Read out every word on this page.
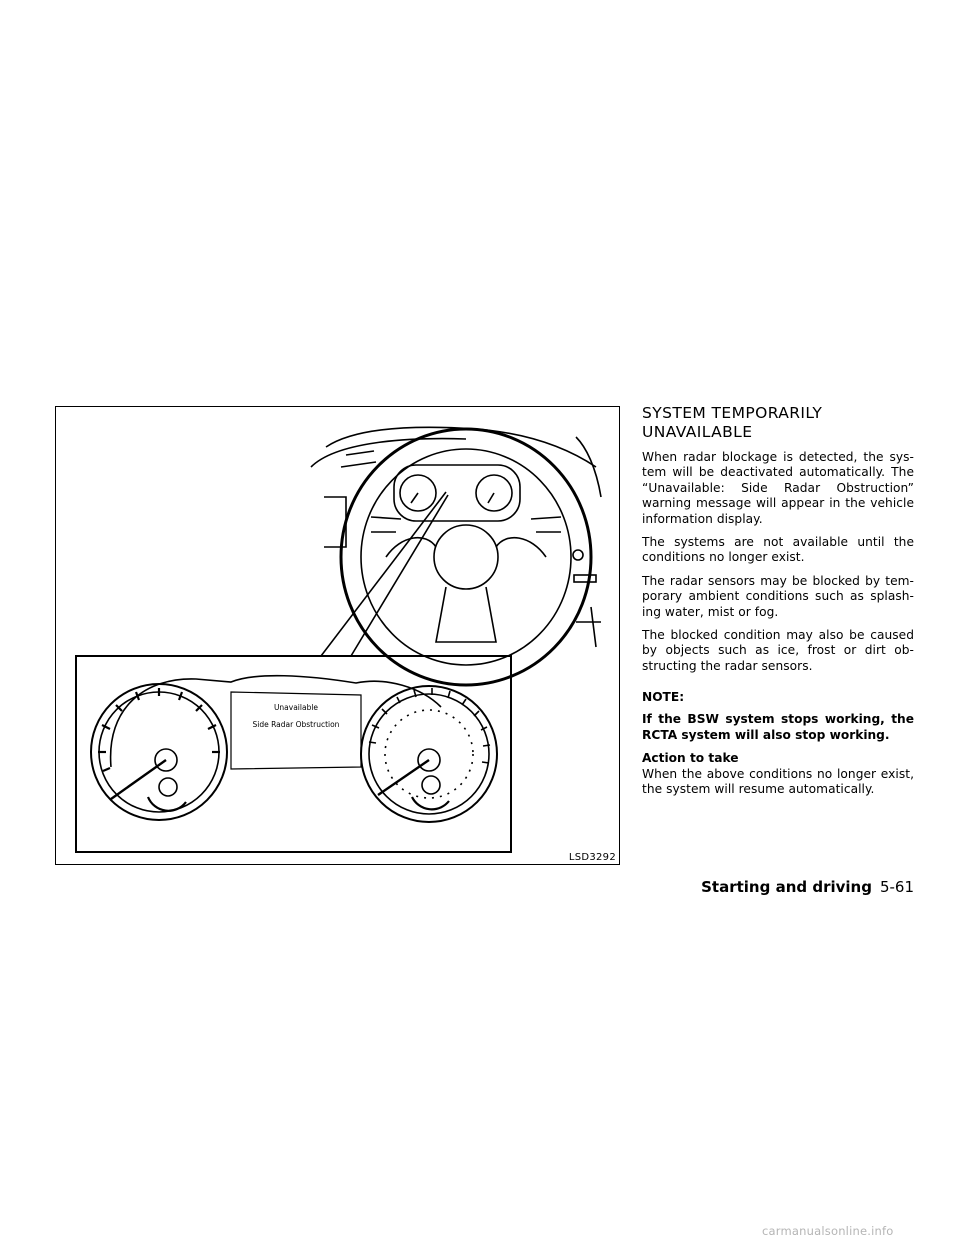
Unavailable
Side Radar Obstruction
LSD3292
SYSTEM TEMPORARILY
UNAVAILABLE

When radar blockage is detected, the sys- tem will be deactivated automatically. The “Unavailable: Side Radar Obstruction” warning message will appear in the vehicle information display.

The systems are not available until the conditions no longer exist.

The radar sensors may be blocked by tem- porary ambient conditions such as splash- ing water, mist or fog.

The blocked condition may also be caused by objects such as ice, frost or dirt ob- structing the radar sensors.

NOTE:

If the BSW system stops working, the RCTA system will also stop working.

Action to take

When the above conditions no longer exist, the system will resume automatically.

Starting and driving 5-61
carmanualsonline.info
